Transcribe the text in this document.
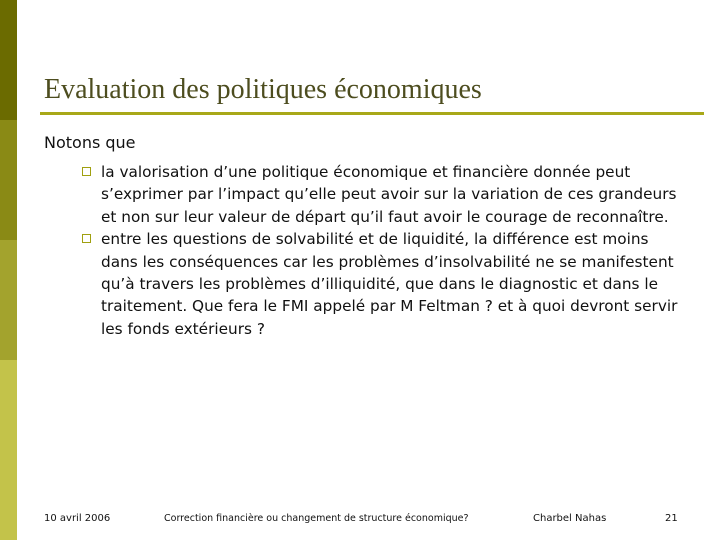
Evaluation des politiques économiques
Notons que
la valorisation d’une politique économique et financière donnée peut s’exprimer par l’impact qu’elle peut avoir sur la variation de ces grandeurs et non sur leur valeur de départ qu’il faut avoir le courage de reconnaître.
entre les questions de solvabilité et de liquidité, la différence est moins dans les conséquences car les problèmes d’insolvabilité ne se manifestent qu’à travers les problèmes d’illiquidité, que dans le diagnostic et dans le traitement. Que fera le FMI appelé par M Feltman ? et à quoi devront servir les fonds extérieurs ?
10 avril 2006	Correction financière ou changement de structure économique?	Charbel Nahas	21
